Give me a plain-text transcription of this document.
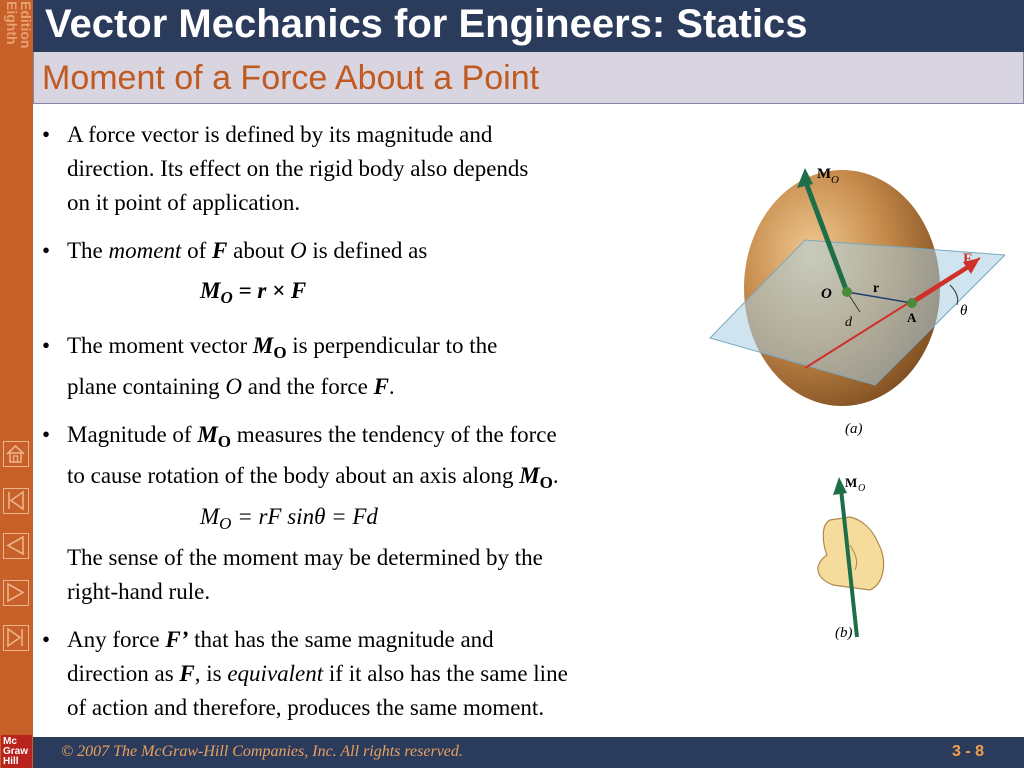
Eighth
Edition
Mc
Graw
Hill
Vector Mechanics for Engineers: Statics
Moment of a Force About a Point
• A force vector is defined by its magnitude and
direction. Its effect on the rigid body also depends
on it point of application.
• The moment of F about O is defined as
$M_O = r \times F$
• The moment vector $M_O$ is perpendicular to the
plane containing O and the force F.
• Magnitude of $M_O$ measures the tendency of the force
to cause rotation of the body about an axis along $M_O$.
$M_O$ = rF sinθ = Fd
The sense of the moment may be determined by the
right-hand rule.
• Any force F’ that has the same magnitude and
direction as F, is equivalent if it also has the same line
of action and therefore, produces the same moment.
M O
O	r
d	A
F
θ
(a)
M O
(b)
© 2007 The McGraw-Hill Companies, Inc. All rights reserved.	3 - 8
